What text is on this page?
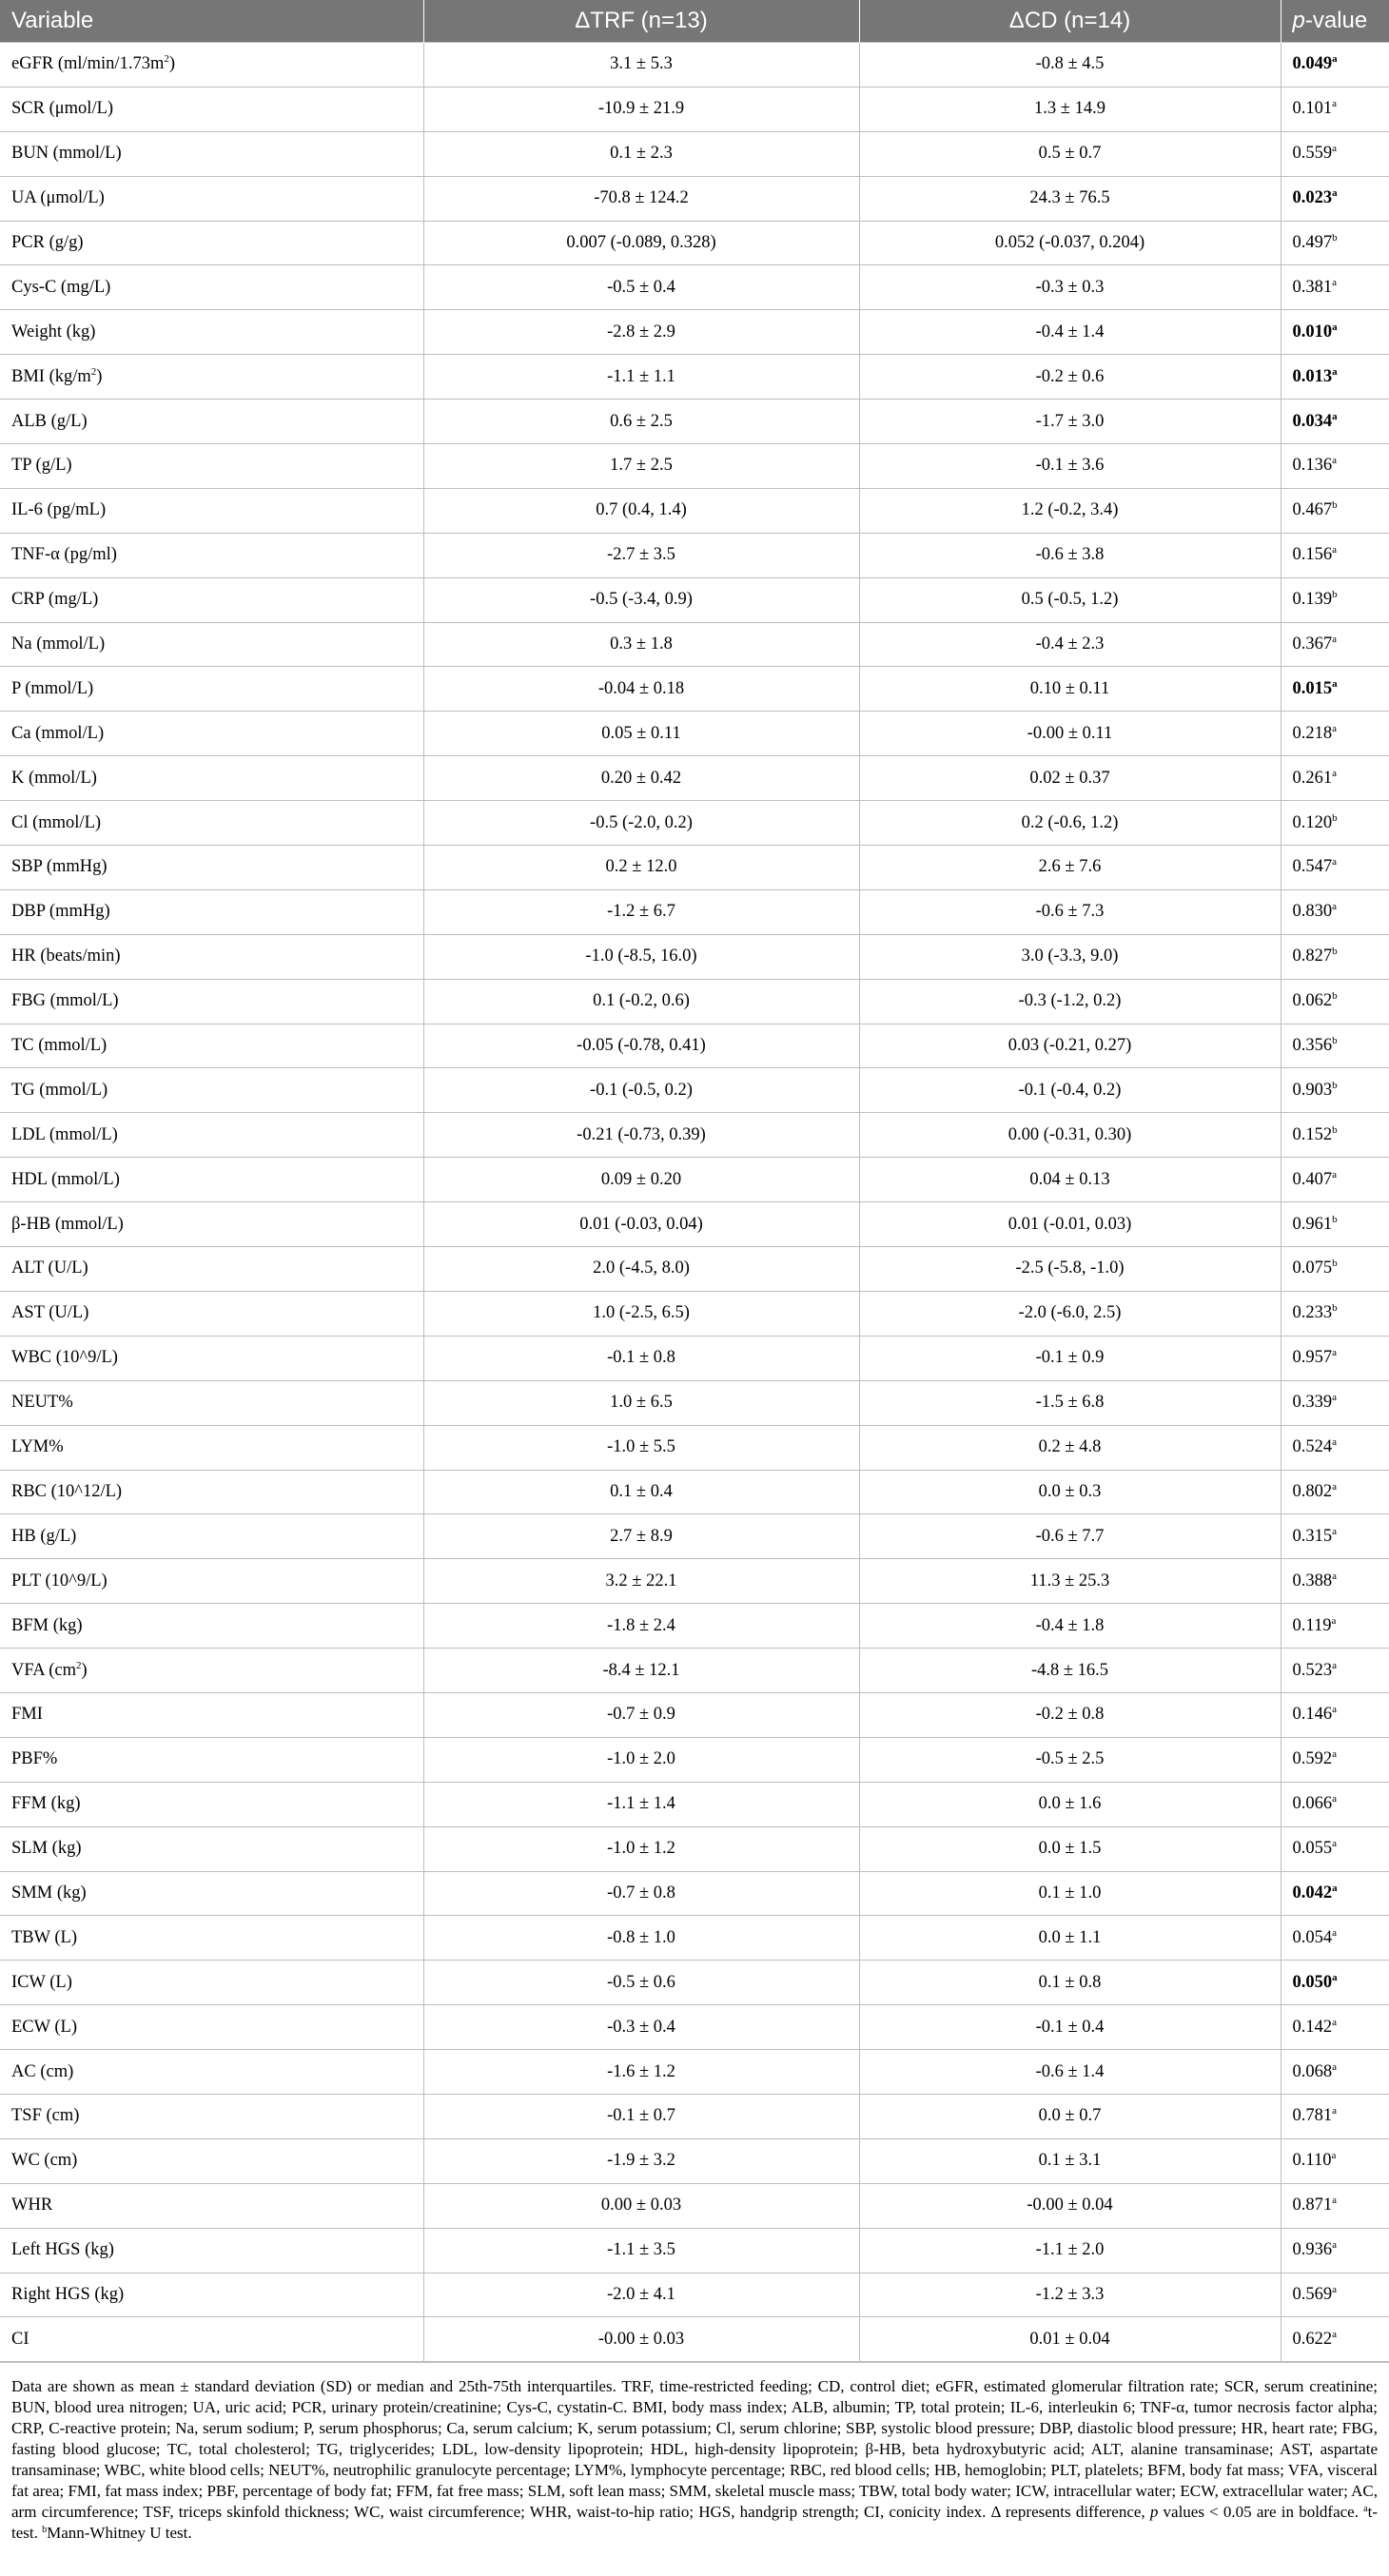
Variable	ΔTRF (n=13)	ΔCD (n=14)	p-value
eGFR $(ml/\min/1.73m^2)$	3.1 ± 5.3	-0.8 ± 4.5	0.049$^a$
SCR (μmol/L)	-10.9 ± 21.9	1.3 ± 14.9	0.101$^a$
BUN (mmol/L)	0.1 ± 2.3	0.5 ± 0.7	0.559$^a$
UA (μmol/L)	-70.8 ± 124.2	24.3 ± 76.5	0.023$^a$
PCR (g/g)	0.007 (-0.089, 0.328)	0.052 (-0.037, 0.204)	0.497$^b$
Cys-C (mg/L)	-0.5 ± 0.4	-0.3 ± 0.3	0.381$^a$
Weight (kg)	-2.8 ± 2.9	-0.4 ± 1.4	0.010$^a$
BMI $(kg/m^2)$	-1.1 ± 1.1	-0.2 ± 0.6	0.013$^a$
ALB (g/L)	0.6 ± 2.5	-1.7 ± 3.0	0.034$^a$
TP (g/L)	1.7 ± 2.5	-0.1 ± 3.6	0.136$^a$
IL-6 (pg/mL)	0.7 (0.4, 1.4)	1.2 (-0.2, 3.4)	0.467$^b$
TNF-α (pg/ml)	-2.7 ± 3.5	-0.6 ± 3.8	0.156$^a$
CRP (mg/L)	-0.5 (-3.4, 0.9)	0.5 (-0.5, 1.2)	0.139$^b$
Na (mmol/L)	0.3 ± 1.8	-0.4 ± 2.3	0.367$^a$
P (mmol/L)	-0.04 ± 0.18	0.10 ± 0.11	0.015$^a$
Ca (mmol/L)	0.05 ± 0.11	-0.00 ± 0.11	0.218$^a$
K (mmol/L)	0.20 ± 0.42	0.02 ± 0.37	0.261$^a$
Cl (mmol/L)	-0.5 (-2.0, 0.2)	0.2 (-0.6, 1.2)	0.120$^b$
SBP (mmHg)	0.2 ± 12.0	2.6 ± 7.6	0.547$^a$
DBP (mmHg)	-1.2 ± 6.7	-0.6 ± 7.3	0.830$^a$
HR (beats/min)	-1.0 (-8.5, 16.0)	3.0 (-3.3, 9.0)	0.827$^b$
FBG (mmol/L)	0.1 (-0.2, 0.6)	-0.3 (-1.2, 0.2)	0.062$^b$
TC (mmol/L)	-0.05 (-0.78, 0.41)	0.03 (-0.21, 0.27)	0.356$^b$
TG (mmol/L)	-0.1 (-0.5, 0.2)	-0.1 (-0.4, 0.2)	0.903$^b$
LDL (mmol/L)	-0.21 (-0.73, 0.39)	0.00 (-0.31, 0.30)	0.152$^b$
HDL (mmol/L)	0.09 ± 0.20	0.04 ± 0.13	0.407$^a$
β-HB (mmol/L)	0.01 (-0.03, 0.04)	0.01 (-0.01, 0.03)	0.961$^b$
ALT (U/L)	2.0 (-4.5, 8.0)	-2.5 (-5.8, -1.0)	0.075$^b$
AST (U/L)	1.0 (-2.5, 6.5)	-2.0 (-6.0, 2.5)	0.233$^b$
WBC (10^9/L)	-0.1 ± 0.8	-0.1 ± 0.9	0.957$^a$
NEUT%	1.0 ± 6.5	-1.5 ± 6.8	0.339$^a$
LYM%	-1.0 ± 5.5	0.2 ± 4.8	0.524$^a$
RBC (10^12/L)	0.1 ± 0.4	0.0 ± 0.3	0.802$^a$
HB (g/L)	2.7 ± 8.9	-0.6 ± 7.7	0.315$^a$
PLT (10^9/L)	3.2 ± 22.1	11.3 ± 25.3	0.388$^a$
BFM (kg)	-1.8 ± 2.4	-0.4 ± 1.8	0.119$^a$
VFA $(cm^2)$	-8.4 ± 12.1	-4.8 ± 16.5	0.523$^a$
FMI	-0.7 ± 0.9	-0.2 ± 0.8	0.146$^a$
PBF%	-1.0 ± 2.0	-0.5 ± 2.5	0.592$^a$
FFM (kg)	-1.1 ± 1.4	0.0 ± 1.6	0.066$^a$
SLM (kg)	-1.0 ± 1.2	0.0 ± 1.5	0.055$^a$
SMM (kg)	-0.7 ± 0.8	0.1 ± 1.0	0.042$^a$
TBW (L)	-0.8 ± 1.0	0.0 ± 1.1	0.054$^a$
ICW (L)	-0.5 ± 0.6	0.1 ± 0.8	0.050$^a$
ECW (L)	-0.3 ± 0.4	-0.1 ± 0.4	0.142$^a$
AC (cm)	-1.6 ± 1.2	-0.6 ± 1.4	0.068$^a$
TSF (cm)	-0.1 ± 0.7	0.0 ± 0.7	0.781$^a$
WC (cm)	-1.9 ± 3.2	0.1 ± 3.1	0.110$^a$
WHR	0.00 ± 0.03	-0.00 ± 0.04	0.871$^a$
Left HGS (kg)	-1.1 ± 3.5	-1.1 ± 2.0	0.936$^a$
Right HGS (kg)	-2.0 ± 4.1	-1.2 ± 3.3	0.569$^a$
CI	-0.00 ± 0.03	0.01 ± 0.04	0.622$^a$
Data are shown as mean ± standard deviation (SD) or median and 25th-75th interquartiles. TRF, time-restricted feeding; CD, control diet; eGFR, estimated glomerular filtration rate; SCR, serum creatinine; BUN, blood urea nitrogen; UA, uric acid; PCR, urinary protein/creatinine; Cys-C, cystatin-C. BMI, body mass index; ALB, albumin; TP, total protein; IL-6, interleukin 6; TNF-α, tumor necrosis factor alpha; CRP, C-reactive protein; Na, serum sodium; P, serum phosphorus; Ca, serum calcium; K, serum potassium; Cl, serum chlorine; SBP, systolic blood pressure; DBP, diastolic blood pressure; HR, heart rate; FBG, fasting blood glucose; TC, total cholesterol; TG, triglycerides; LDL, low-density lipoprotein; HDL, high-density lipoprotein; β-HB, beta hydroxybutyric acid; ALT, alanine transaminase; AST, aspartate transaminase; WBC, white blood cells; NEUT%, neutrophilic granulocyte percentage; LYM%, lymphocyte percentage; RBC, red blood cells; HB, hemoglobin; PLT, platelets; BFM, body fat mass; VFA, visceral fat area; FMI, fat mass index; PBF, percentage of body fat; FFM, fat free mass; SLM, soft lean mass; SMM, skeletal muscle mass; TBW, total body water; ICW, intracellular water; ECW, extracellular water; AC, arm circumference; TSF, triceps skinfold thickness; WC, waist circumference; WHR, waist-to-hip ratio; HGS, handgrip strength; CI, conicity index. Δ represents difference, p values < 0.05 are in boldface. $^a$t-test. $^b$Mann-Whitney U test.
